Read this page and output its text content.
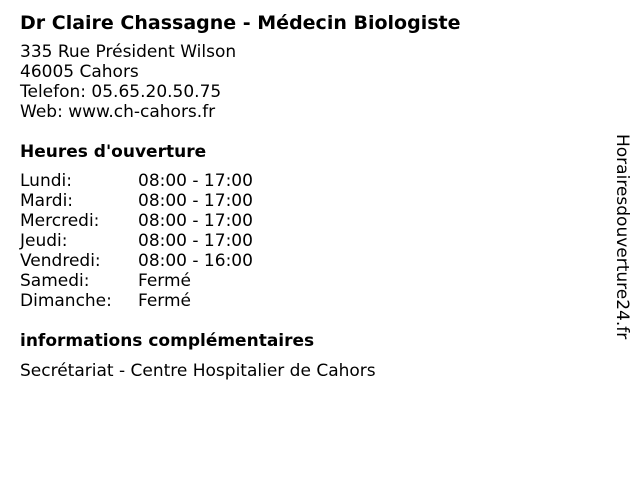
Dr Claire Chassagne - Médecin Biologiste
335 Rue Président Wilson
46005 Cahors
Telefon: 05.65.20.50.75
Web: www.ch-cahors.fr
Heures d'ouverture
Lundi:	08:00 - 17:00
Mardi:	08:00 - 17:00
Mercredi:	08:00 - 17:00
Jeudi:	08:00 - 17:00
Vendredi:	08:00 - 16:00
Samedi:	Fermé
Dimanche:	Fermé
informations complémentaires
Secrétariat - Centre Hospitalier de Cahors
Horairesdouverture24.fr
